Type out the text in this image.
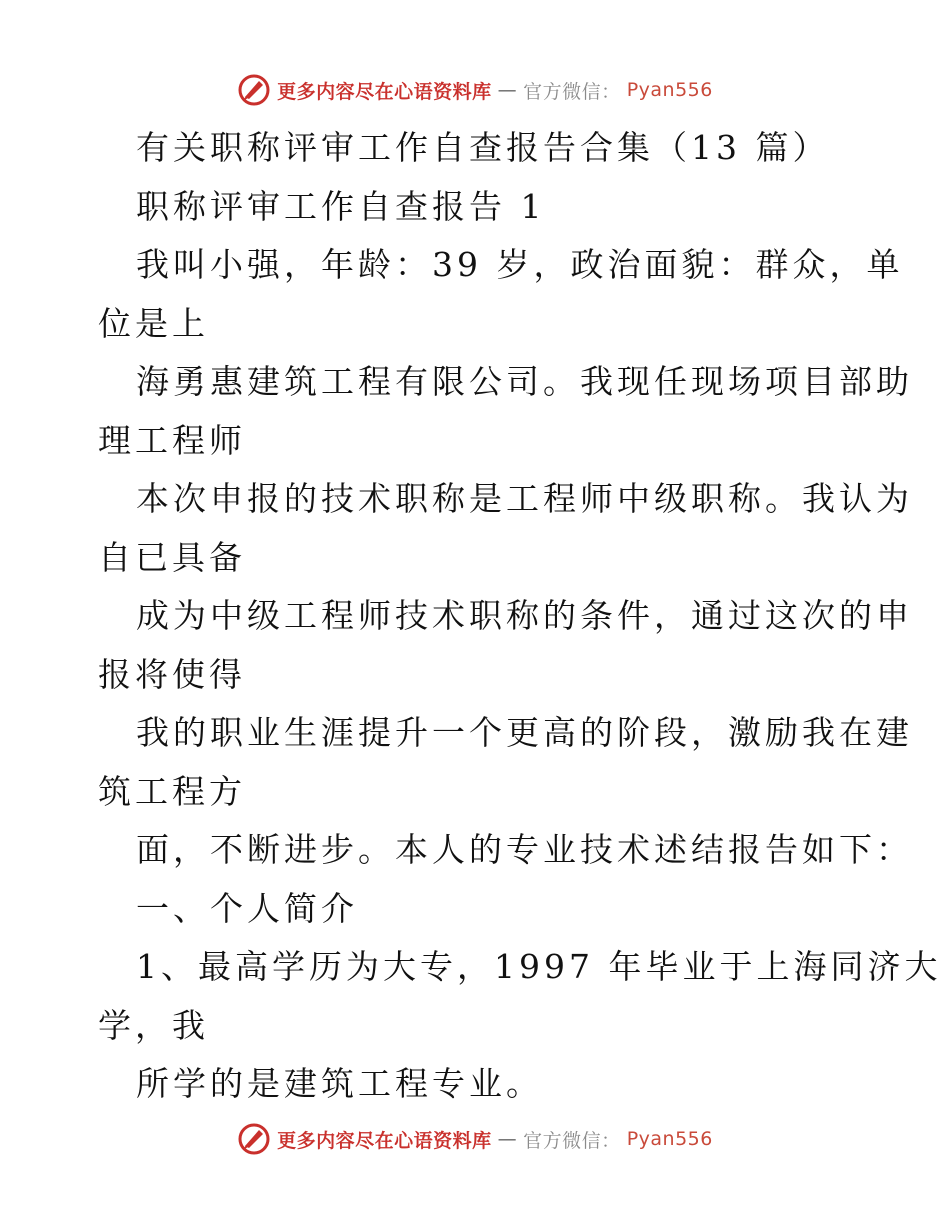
更多内容尽在心语资料库 — 官方微信： Pyan556
有关职称评审工作自查报告合集（13 篇）
职称评审工作自查报告 1
我叫小强，年龄：39 岁，政治面貌：群众，单
位是上
海勇惠建筑工程有限公司。我现任现场项目部助
理工程师
本次申报的技术职称是工程师中级职称。我认为
自已具备
成为中级工程师技术职称的条件，通过这次的申
报将使得
我的职业生涯提升一个更高的阶段，激励我在建
筑工程方
面，不断进步。本人的专业技术述结报告如下：
一、个人简介
1、最高学历为大专，1997 年毕业于上海同济大
学，我
所学的是建筑工程专业。
更多内容尽在心语资料库 — 官方微信： Pyan556
